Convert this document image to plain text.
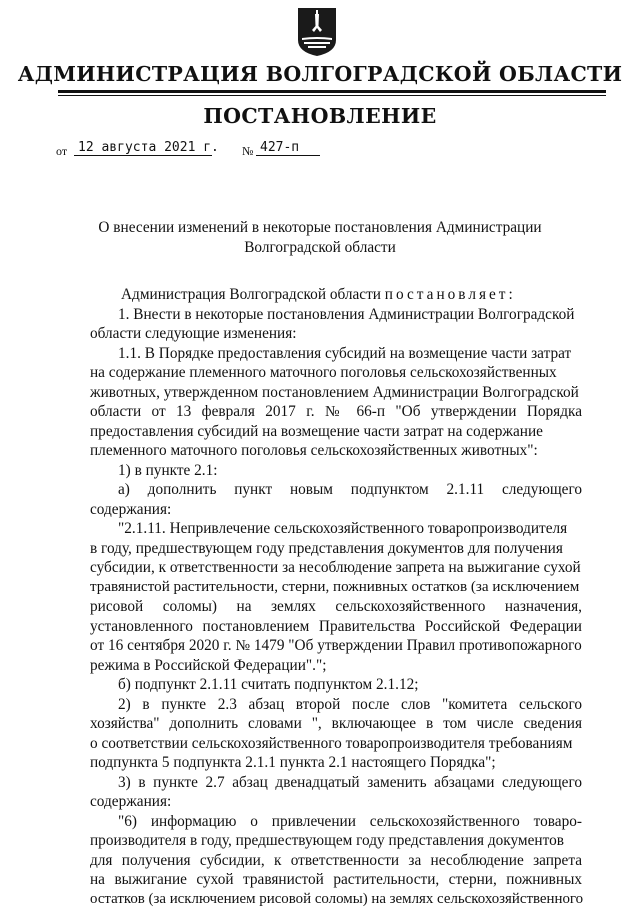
АДМИНИСТРАЦИЯ ВОЛГОГРАДСКОЙ ОБЛАСТИ
ПОСТАНОВЛЕНИЕ
от 12 августа 2021 г. № 427-п
О внесении изменений в некоторые постановления Администрации
Волгоградской области
Администрация Волгоградской области постановляет:
1. Внести в некоторые постановления Администрации Волгоградской
области следующие изменения:
1.1. В Порядке предоставления субсидий на возмещение части затрат
на содержание племенного маточного поголовья сельскохозяйственных
животных, утвержденном постановлением Администрации Волгоградской
области от 13 февраля 2017 г. № 66-п "Об утверждении Порядка
предоставления субсидий на возмещение части затрат на содержание
племенного маточного поголовья сельскохозяйственных животных":
1) в пункте 2.1:
а) дополнить пункт новым подпунктом 2.1.11 следующего
содержания:
"2.1.11. Непривлечение сельскохозяйственного товаропроизводителя
в году, предшествующем году представления документов для получения
субсидии, к ответственности за несоблюдение запрета на выжигание сухой
травянистой растительности, стерни, пожнивных остатков (за исключением
рисовой соломы) на землях сельскохозяйственного назначения,
установленного постановлением Правительства Российской Федерации
от 16 сентября 2020 г. № 1479 "Об утверждении Правил противопожарного
режима в Российской Федерации".";
б) подпункт 2.1.11 считать подпунктом 2.1.12;
2) в пункте 2.3 абзац второй после слов "комитета сельского
хозяйства" дополнить словами ", включающее в том числе сведения
о соответствии сельскохозяйственного товаропроизводителя требованиям
подпункта 5 подпункта 2.1.1 пункта 2.1 настоящего Порядка";
3) в пункте 2.7 абзац двенадцатый заменить абзацами следующего
содержания:
"6) информацию о привлечении сельскохозяйственного товаро-
производителя в году, предшествующем году представления документов
для получения субсидии, к ответственности за несоблюдение запрета
на выжигание сухой травянистой растительности, стерни, пожнивных
остатков (за исключением рисовой соломы) на землях сельскохозяйственного
